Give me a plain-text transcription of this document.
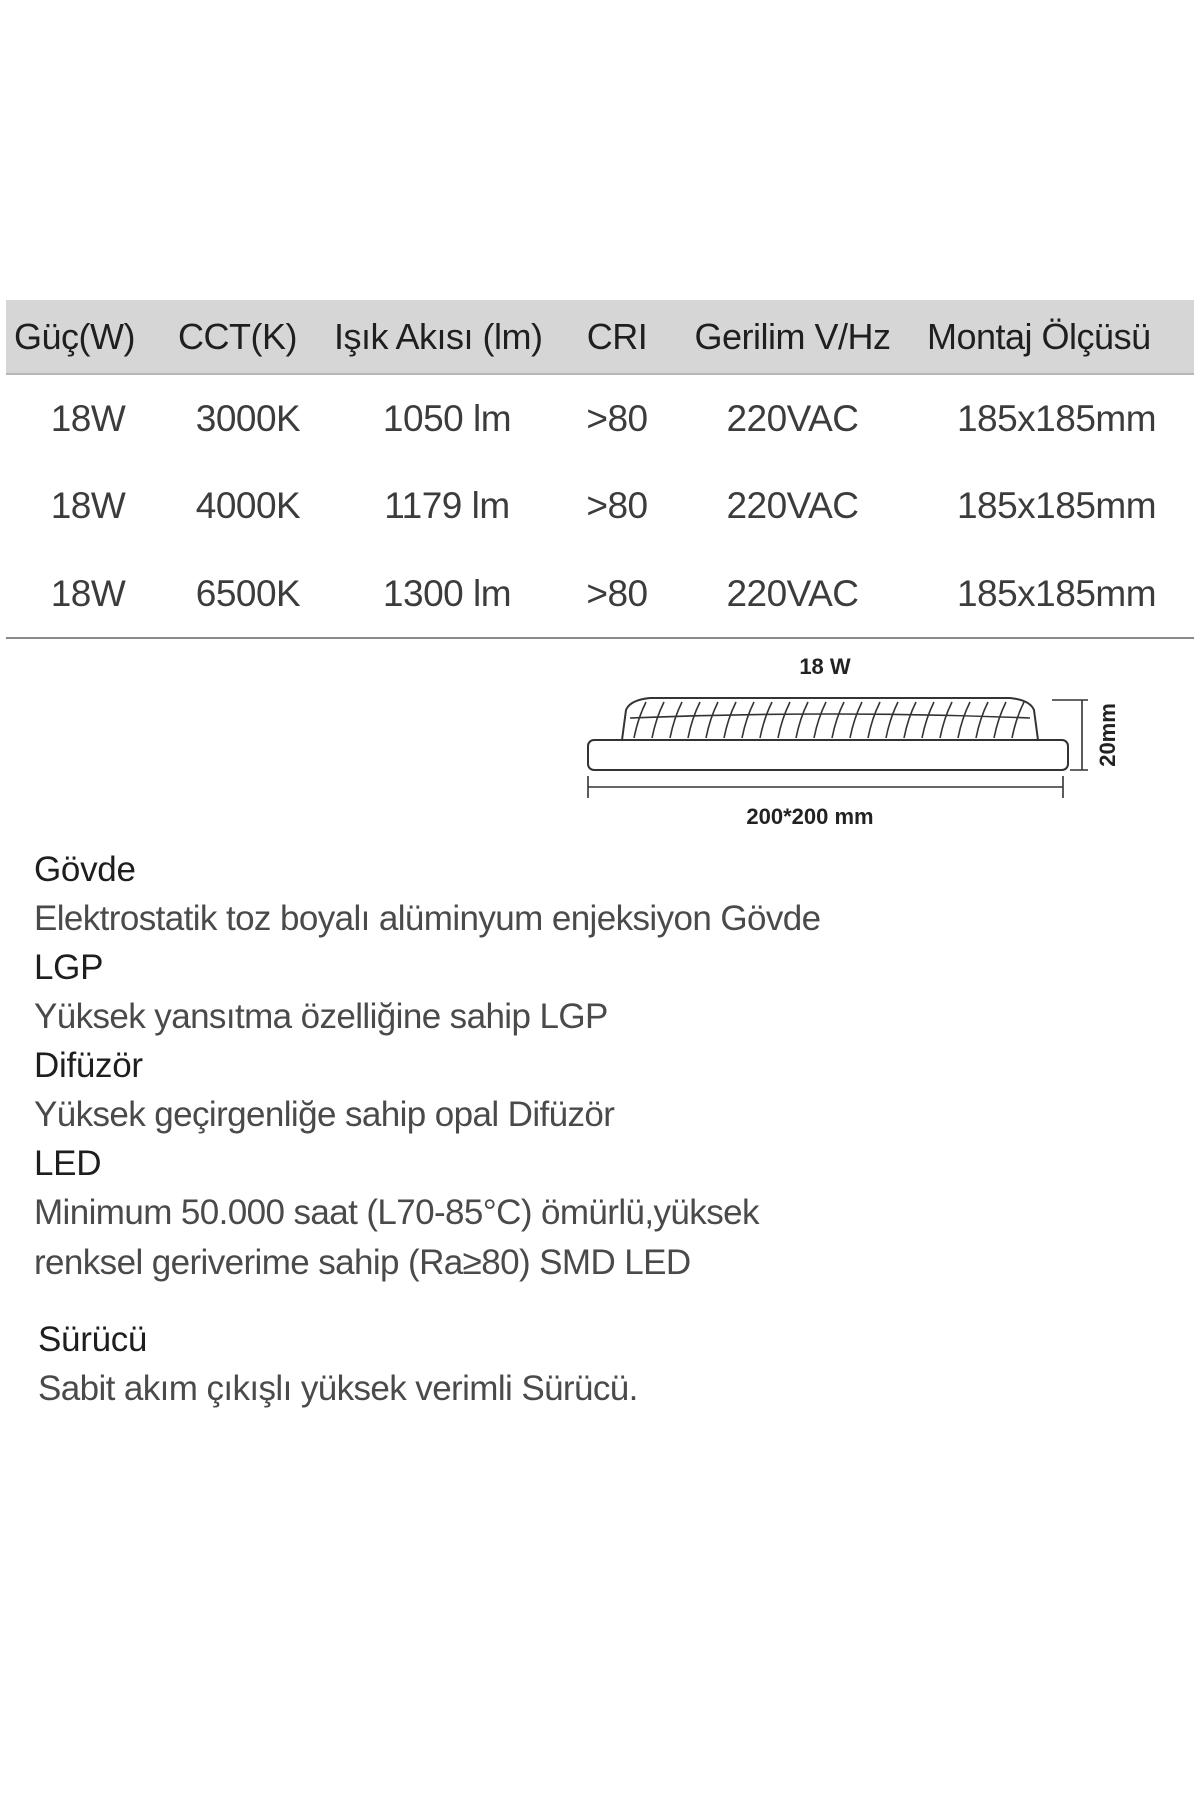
Güç(W)	CCT(K)	Işık Akısı (lm)	CRI	Gerilim V/Hz	Montaj Ölçüsü
18W	3000K	1050 lm	>80	220VAC	185x185mm
18W	4000K	1179 lm	>80	220VAC	185x185mm
18W	6500K	1300 lm	>80	220VAC	185x185mm
18 W
20mm
200*200 mm
Gövde
Elektrostatik toz boyalı alüminyum enjeksiyon Gövde
LGP
Yüksek yansıtma özelliğine sahip LGP
Difüzör
Yüksek geçirgenliğe sahip opal Difüzör
LED
Minimum 50.000 saat (L70-85°C) ömürlü,yüksek
renksel geriverime sahip (Ra≥80) SMD LED
Sürücü
Sabit akım çıkışlı yüksek verimli Sürücü.
